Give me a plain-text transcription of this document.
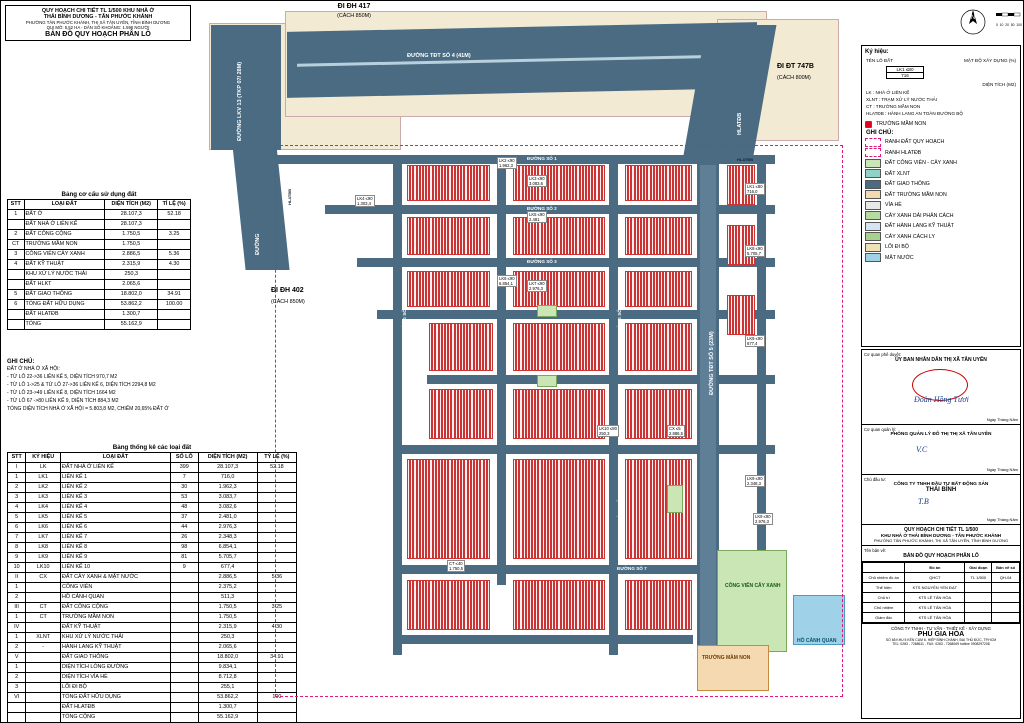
QUY HOẠCH CHI TIẾT TL 1/500 KHU NHÀ Ở
THÁI BÌNH DƯƠNG - TÂN PHƯỚC KHÁNH
PHƯỜNG TÂN PHƯỚC KHÁNH, THỊ XÃ TÂN UYÊN, TỈNH BÌNH DƯƠNG
QUI MÔ: 5,52 HA - DÂN SỐ KHOẢNG: 1.596 NGƯỜI
BẢN ĐỒ QUY HOẠCH PHÂN LÔ
Bảng cơ cấu sử dụng đất
STT	LOẠI ĐẤT	DIỆN TÍCH (M2)	TỈ LỆ (%)
1	ĐẤT Ở	28.107,3	52.18
	ĐẤT NHÀ Ở LIÊN KẾ	28.107,3	
2	ĐẤT CÔNG CỘNG	1.750,5	3.25
CT	TRƯỜNG MẦM NON	1.750,5	
3	CÔNG VIÊN CÂY XANH	2.886,5	5.36
4	ĐẤT KỸ THUẬT	2.315,9	4.30
	KHU XỬ LÝ NƯỚC THẢI	250,3	
	ĐẤT HLKT	2.065,6	
5	ĐẤT GIAO THÔNG	18.802,0	34.91
6	TỔNG ĐẤT HỮU DỤNG	53.862,2	100.00
	ĐẤT HLATĐB	1.300,7	
	TỔNG	55.162,9	
GHI CHÚ:
ĐẤT Ở NHÀ Ở XÃ HỘI:
- TỪ LÔ 22->36 LIÊN KẾ 5, DIỆN TÍCH 970,7 M2
- TỪ LÔ 1->25 & TỪ LÔ 27->36 LIÊN KẾ 6, DIỆN TÍCH 2294,8 M2
- TỪ LÔ 23->49 LIÊN KẾ 8, DIỆN TÍCH 1664 M2
- TỪ LÔ 67 ->80 LIÊN KẾ 9, DIỆN TÍCH 884,3 M2
TỔNG DIỆN TÍCH NHÀ Ở XÃ HỘI = 5.803,8 M2, CHIẾM 20,65% ĐẤT Ở
Bảng thống kê các loại đất
STT	KÝ HIỆU	LOẠI ĐẤT	SỐ LÔ	DIỆN TÍCH (M2)	TỶ LỆ (%)
I	LK	ĐẤT NHÀ Ở LIÊN KẾ	399	28.107,3	52.18
1	LK1	LIÊN KẾ 1	7	716,0	
2	LK2	LIÊN KẾ 2	30	1.962,3	
3	LK3	LIÊN KẾ 3	53	3.083,7	
4	LK4	LIÊN KẾ 4	48	3.082,6	
5	LK5	LIÊN KẾ 5	37	2.481,0	
6	LK6	LIÊN KẾ 6	44	2.976,3	
7	LK7	LIÊN KẾ 7	26	2.348,3	
8	LK8	LIÊN KẾ 8	98	6.854,1	
9	LK9	LIÊN KẾ 9	81	5.705,7	
10	LK10	LIÊN KẾ 10	9	677,4	
II	CX	ĐẤT CÂY XANH & MẶT NƯỚC		2.886,5	5.36
1		CÔNG VIÊN		2.375,2	
2		HỒ CẢNH QUAN		511,3	
III	CT	ĐẤT CÔNG CỘNG		1.750,5	3.25
1	CT	TRƯỜNG MẦM NON		1.750,5	
IV		ĐẤT KỸ THUẬT		2.315,9	4.30
1	XLNT	KHU XỬ LÝ NƯỚC THẢI		250,3	
2	-	HÀNH LANG KỸ THUẬT		2.065,6	
V		ĐẤT GIAO THÔNG		18.802,0	34.91
1		DIỆN TÍCH LÒNG ĐƯỜNG		9.834,1	
2		DIỆN TÍCH VỈA HÈ		8.712,8	
3		LỐI ĐI BỘ		255,1	
VI		TỔNG ĐẤT HỮU DỤNG		53.862,2	100
		ĐẤT HLATĐB		1.300,7	
		TỔNG CỘNG		55.162,9	
N
0 10 20 50 100
ĐƯỜNG TĐT SỐ 4 (41M)
ĐƯỜNG LKV 13 (TKP 07/ 28M)
ĐƯỜNG
HLATĐB
ĐƯỜNG TĐT SỐ 5 (23M)
ĐƯỜNG SỐ 1
ĐƯỜNG SỐ 2
ĐƯỜNG SỐ 3
ĐƯỜNG SỐ 4
ĐƯỜNG SỐ 5
ĐƯỜNG SỐ 6
ĐƯỜNG SỐ 7
CÔNG VIÊN CÂY XANH
HỒ CẢNH QUAN
TRƯỜNG MẦM NON
ĐI ĐH 417
(CÁCH 850M)
ĐI ĐT 747B
(CÁCH 800M)
ĐI ĐH 402
(CÁCH 850M)
HLATĐB
HLATĐB
LK1 ≤80
716,0
LK2 ≤90
1.962,3
LK3 ≤90
3.083,6
LK4 ≤90
1.303,4
LK5 ≤90
2.481
LK6 ≤90
6.854,1	LK7 ≤90
2.976,3
LK8 ≤90
5.705,7
LK9 ≤90
677,4
LK10 ≤80
250,3
CX ≤5
2.886,5
LK9 ≤90
2.348,3
LK9 ≤90
2.976,3
CT ≤40
1.750,5
Ký hiệu:
TÊN LÔ ĐẤT	MẬT ĐỘ XÂY DỰNG (%)
LK1 ≤80
716
DIỆN TÍCH (M2)
LK : NHÀ Ở LIÊN KẾ
XLNT : TRẠM XỬ LÝ NƯỚC THẢI
CT : TRƯỜNG MẦM NON
HLATĐB : HÀNH LANG AN TOÀN ĐƯỜNG BỘ
TRƯỜNG MẦM NON
GHI CHÚ:
RANH ĐẤT QUY HOẠCH
RANH HLATĐB
ĐẤT CÔNG VIÊN - CÂY XANH
ĐẤT XLNT
ĐẤT GIAO THÔNG
ĐẤT TRƯỜNG MẦM NON
VỈA HÈ
CÂY XANH DẢI PHÂN CÁCH
ĐẤT HÀNH LANG KỸ THUẬT
CÂY XANH CÁCH LY
LỐI ĐI BỘ
MẶT NƯỚC
Cơ quan phê duyệt:
ỦY BAN NHÂN DÂN THỊ XÃ TÂN UYÊN
Đoàn Hồng Tươi
Ngày Tháng Năm
Cơ quan quản lý:
PHÒNG QUẢN LÝ ĐÔ THỊ THỊ XÃ TÂN UYÊN
V.C
Ngày Tháng Năm
Chủ đầu tư:
CÔNG TY TNHH ĐẦU TƯ BẤT ĐỘNG SẢN
THÁI BÌNH
T.B
Ngày Tháng Năm
QUY HOẠCH CHI TIẾT TL 1/500
KHU NHÀ Ở THÁI BÌNH DƯƠNG - TÂN PHƯỚC KHÁNH
PHƯỜNG TÂN PHƯỚC KHÁNH, THỊ XÃ TÂN UYÊN, TỈNH BÌNH DƯƠNG
Tên bản vẽ:
BẢN ĐỒ QUY HOẠCH PHÂN LÔ
	Đồ án	Giai đoạn	Bản vẽ số
Chủ nhiệm đồ án	QHCT	TL 1/500	QH-04
Thể hiện	KTS NGUYỄN YẾN ĐẠT		
Chủ trì	KTS LÊ TÂN HÒA		
Chủ nhiệm	KTS LÊ TÂN HÒA		
Giám đốc	KTS LÊ TÂN HÒA		
CÔNG TY TNHH - TƯ VẤN - THIẾT KẾ - XÂY DỰNG
PHÚ GIA HÒA
SỐ 68 KHU 5 KÉN CỤM 6, HIỆP BÌNH CHÁNH, ĐẠI THỦ ĐỨC, TP.HCM
TEL: 0283 - 7268611 - FAX: 0283 - 7268069 hotline 0908297208
